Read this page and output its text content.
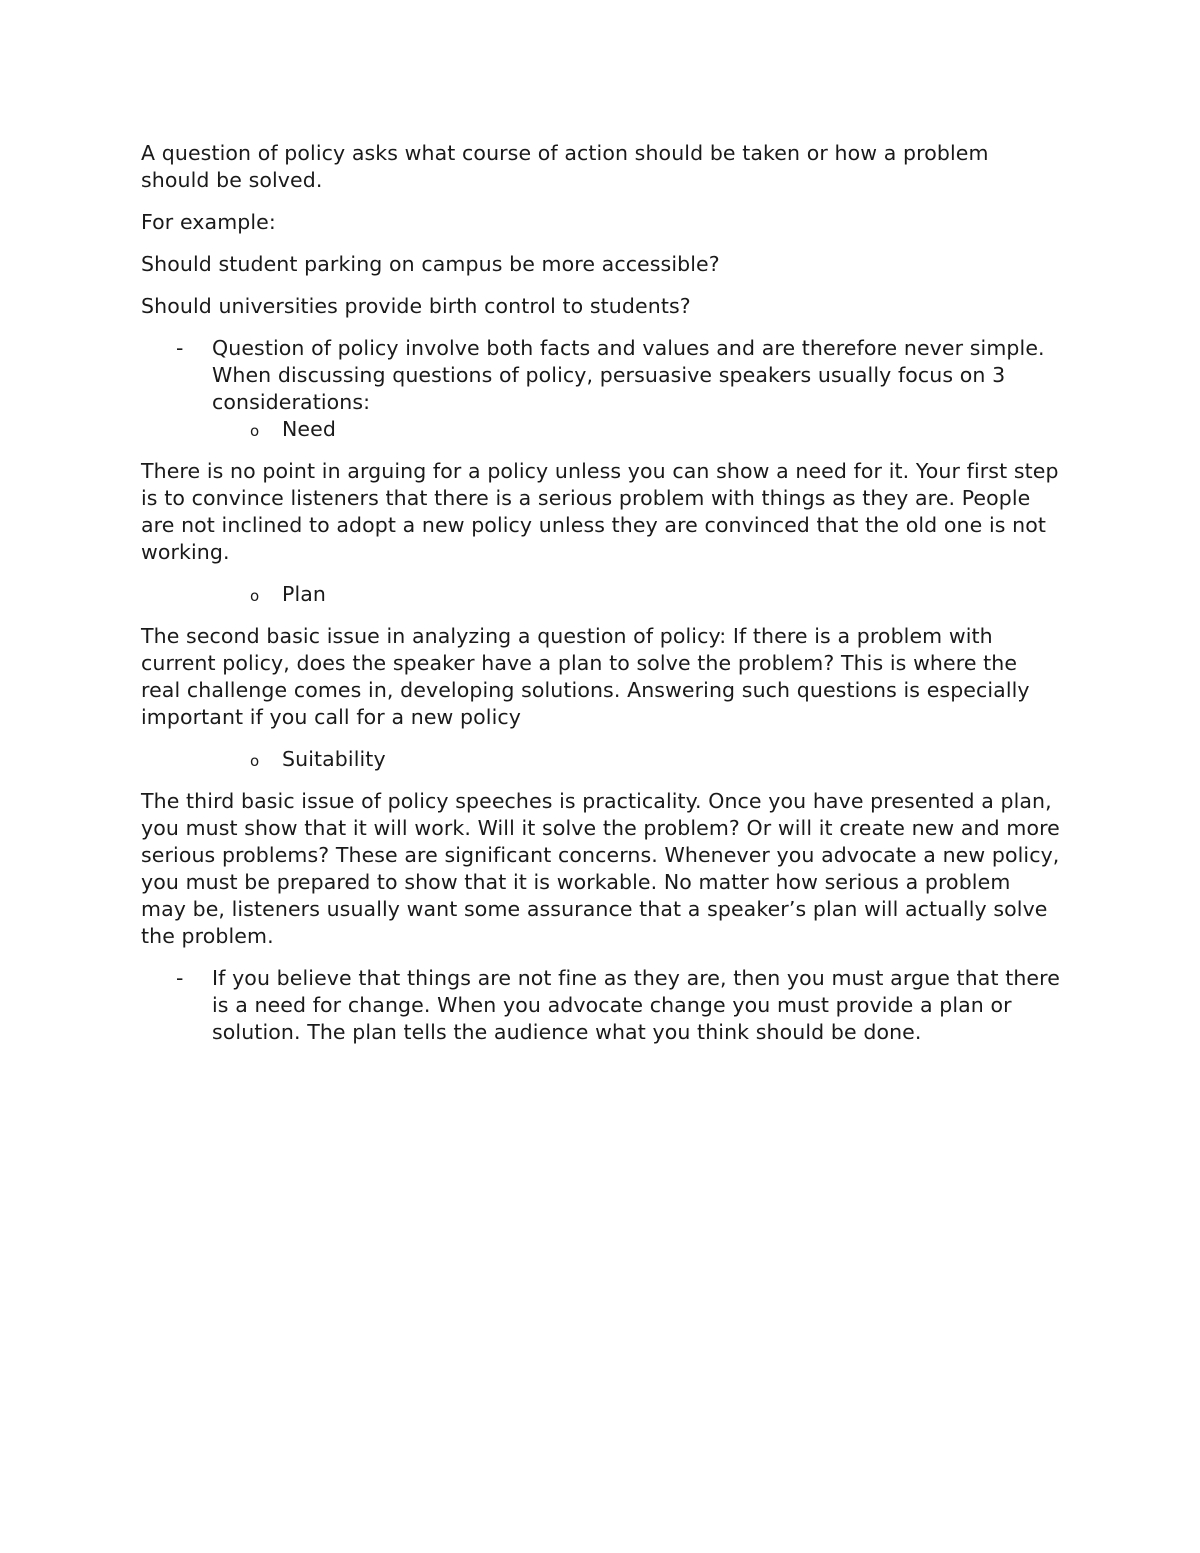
A question of policy asks what course of action should be taken or how a problem should be solved.

For example:

Should student parking on campus be more accessible?

Should universities provide birth control to students?

- Question of policy involve both facts and values and are therefore never simple. When discussing questions of policy, persuasive speakers usually focus on 3 considerations:
o Need

There is no point in arguing for a policy unless you can show a need for it. Your first step is to convince listeners that there is a serious problem with things as they are. People are not inclined to adopt a new policy unless they are convinced that the old one is not working.

o Plan

The second basic issue in analyzing a question of policy: If there is a problem with current policy, does the speaker have a plan to solve the problem? This is where the real challenge comes in, developing solutions. Answering such questions is especially important if you call for a new policy

o Suitability

The third basic issue of policy speeches is practicality. Once you have presented a plan, you must show that it will work. Will it solve the problem? Or will it create new and more serious problems? These are significant concerns. Whenever you advocate a new policy, you must be prepared to show that it is workable. No matter how serious a problem may be, listeners usually want some assurance that a speaker’s plan will actually solve the problem.

- If you believe that things are not fine as they are, then you must argue that there is a need for change. When you advocate change you must provide a plan or solution. The plan tells the audience what you think should be done.
